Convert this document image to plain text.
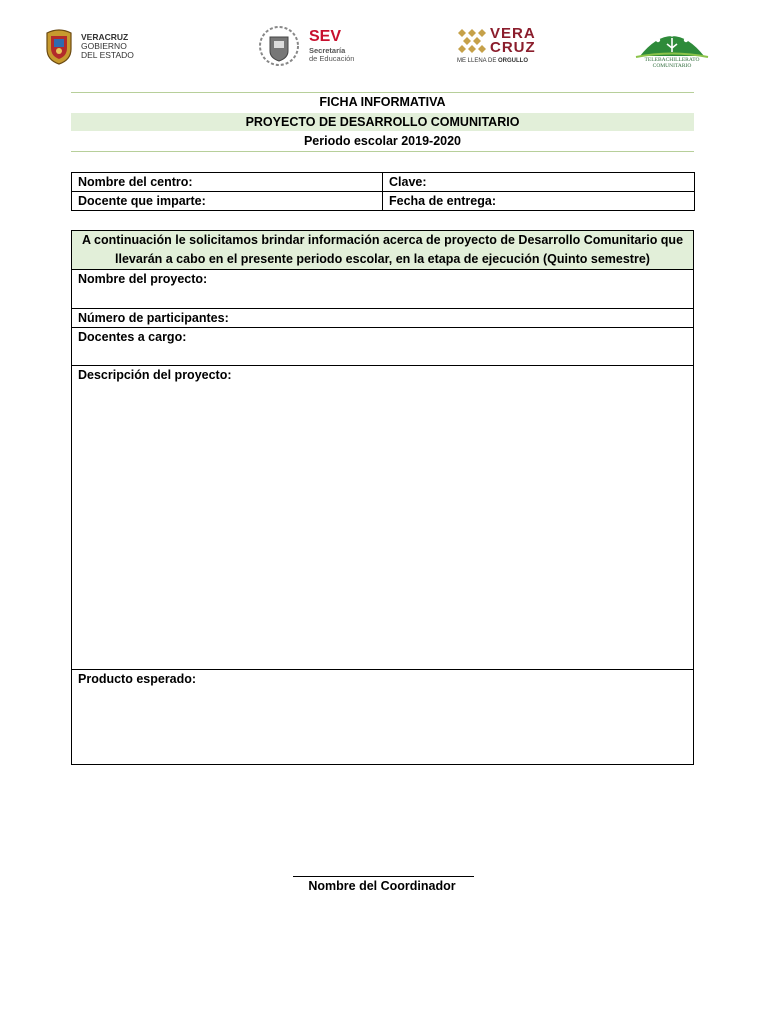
VERACRUZ
GOBIERNO
DEL ESTADO
SEV
Secretaría
de Educación
VERA
CRUZ
ME LLENA DE ORGULLO	TELEBACHILLERATO
COMUNITARIO
FICHA INFORMATIVA
PROYECTO DE DESARROLLO COMUNITARIO
Periodo escolar 2019-2020
Nombre del centro:	Clave:
Docente que imparte:	Fecha de entrega:
A continuación le solicitamos brindar información acerca de proyecto de Desarrollo Comunitario que llevarán a cabo en el presente periodo escolar, en la etapa de ejecución (Quinto semestre)
Nombre del proyecto:
Número de participantes:
Docentes a cargo:
Descripción del proyecto:
Producto esperado:
Nombre del Coordinador
